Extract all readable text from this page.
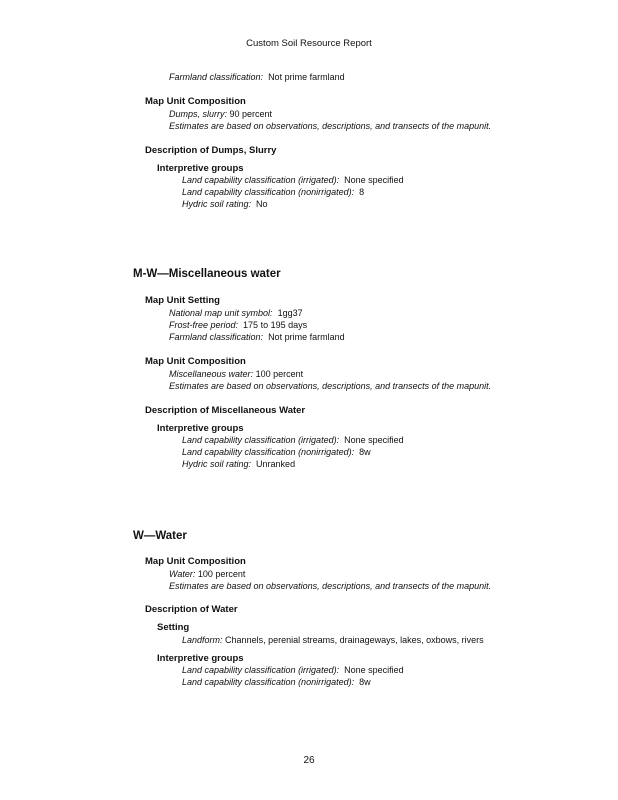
Custom Soil Resource Report
Farmland classification: Not prime farmland
Map Unit Composition
Dumps, slurry: 90 percent
Estimates are based on observations, descriptions, and transects of the mapunit.
Description of Dumps, Slurry
Interpretive groups
Land capability classification (irrigated): None specified
Land capability classification (nonirrigated): 8
Hydric soil rating: No
M-W—Miscellaneous water
Map Unit Setting
National map unit symbol: 1gg37
Frost-free period: 175 to 195 days
Farmland classification: Not prime farmland
Map Unit Composition
Miscellaneous water: 100 percent
Estimates are based on observations, descriptions, and transects of the mapunit.
Description of Miscellaneous Water
Interpretive groups
Land capability classification (irrigated): None specified
Land capability classification (nonirrigated): 8w
Hydric soil rating: Unranked
W—Water
Map Unit Composition
Water: 100 percent
Estimates are based on observations, descriptions, and transects of the mapunit.
Description of Water
Setting
Landform: Channels, perenial streams, drainageways, lakes, oxbows, rivers
Interpretive groups
Land capability classification (irrigated): None specified
Land capability classification (nonirrigated): 8w
26
